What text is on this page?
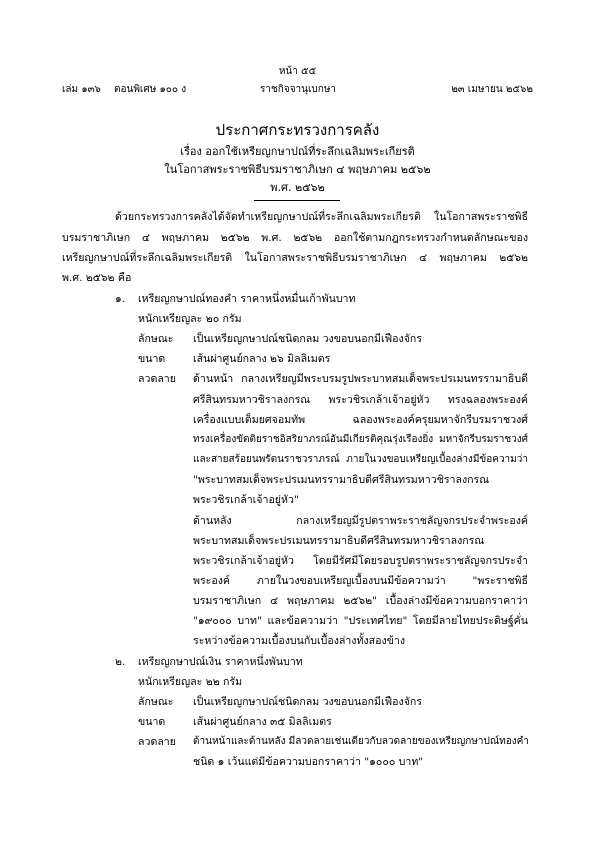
หน้า ๕๕
เล่ม ๑๓๖ ตอนพิเศษ ๑๐๐ ง	ราชกิจจานุเบกษา	๒๓ เมษายน ๒๕๖๒
ประกาศกระทรวงการคลัง
เรื่อง ออกใช้เหรียญกษาปณ์ที่ระลึกเฉลิมพระเกียรติ
ในโอกาสพระราชพิธีบรมราชาภิเษก ๔ พฤษภาคม ๒๕๖๒
พ.ศ. ๒๕๖๒
ด้วยกระทรวงการคลังได้จัดทำเหรียญกษาปณ์ที่ระลึกเฉลิมพระเกียรติ ในโอกาสพระราชพิธี
บรมราชาภิเษก ๔ พฤษภาคม ๒๕๖๒ พ.ศ. ๒๕๖๒ ออกใช้ตามกฎกระทรวงกำหนดลักษณะของ
เหรียญกษาปณ์ที่ระลึกเฉลิมพระเกียรติ ในโอกาสพระราชพิธีบรมราชาภิเษก ๔ พฤษภาคม ๒๕๖๒
พ.ศ. ๒๕๖๒ คือ
๑. เหรียญกษาปณ์ทองคำ ราคาหนึ่งหมื่นเก้าพันบาท
หนักเหรียญละ ๒๐ กรัม
ลักษณะ เป็นเหรียญกษาปณ์ชนิดกลม วงขอบนอกมีเฟืองจักร
ขนาด	เส้นผ่าศูนย์กลาง ๒๖ มิลลิเมตร
ลวดลาย ด้านหน้า กลางเหรียญมีพระบรมรูปพระบาทสมเด็จพระปรเมนทรรามาธิบดี
ศรีสินทรมหาวชิราลงกรณ พระวชิรเกล้าเจ้าอยู่หัว ทรงฉลองพระองค์
เครื่องแบบเต็มยศจอมทัพ ฉลองพระองค์ครุยมหาจักรีบรมราชวงศ์
ทรงเครื่องขัตติยราชอิสริยาภรณ์อันมีเกียรติคุณรุ่งเรืองยิ่ง มหาจักรีบรมราชวงศ์
และสายสร้อยนพรัตนราชวราภรณ์ ภายในวงขอบเหรียญเบื้องล่างมีข้อความว่า
"พระบาทสมเด็จพระปรเมนทรรามาธิบดีศรีสินทรมหาวชิราลงกรณ
พระวชิรเกล้าเจ้าอยู่หัว"
ด้านหลัง กลางเหรียญมีรูปตราพระราชลัญจกรประจำพระองค์
พระบาทสมเด็จพระปรเมนทรรามาธิบดีศรีสินทรมหาวชิราลงกรณ
พระวชิรเกล้าเจ้าอยู่หัว โดยมีรัศมีโดยรอบรูปตราพระราชลัญจกรประจำ
พระองค์ ภายในวงขอบเหรียญเบื้องบนมีข้อความว่า "พระราชพิธี
บรมราชาภิเษก ๔ พฤษภาคม ๒๕๖๒" เบื้องล่างมีข้อความบอกราคาว่า
"๑๙๐๐๐ บาท" และข้อความว่า "ประเทศไทย" โดยมีลายไทยประดิษฐ์คั่น
ระหว่างข้อความเบื้องบนกับเบื้องล่างทั้งสองข้าง
๒. เหรียญกษาปณ์เงิน ราคาหนึ่งพันบาท
หนักเหรียญละ ๒๒ กรัม
ลักษณะ เป็นเหรียญกษาปณ์ชนิดกลม วงขอบนอกมีเฟืองจักร
ขนาด	เส้นผ่าศูนย์กลาง ๓๕ มิลลิเมตร
ลวดลาย ด้านหน้าและด้านหลัง มีลวดลายเช่นเดียวกับลวดลายของเหรียญกษาปณ์ทองคำ
ชนิด ๑ เว้นแต่มีข้อความบอกราคาว่า "๑๐๐๐ บาท"
